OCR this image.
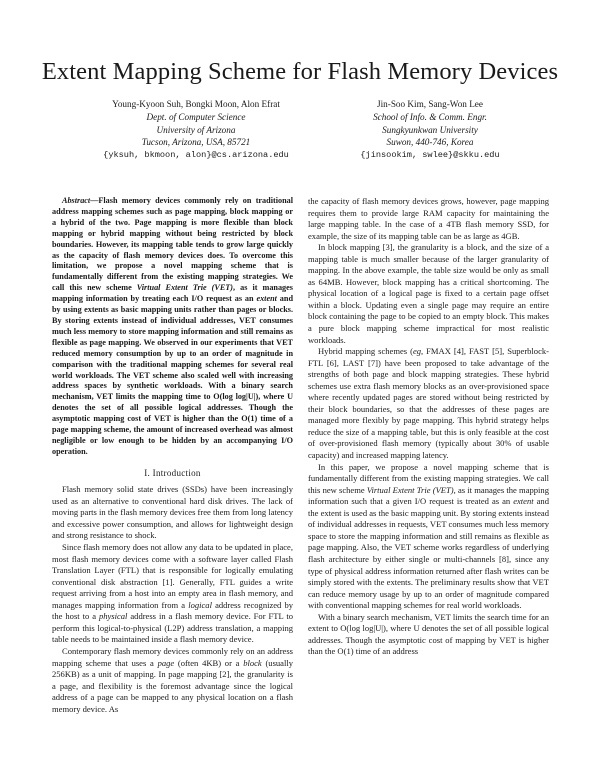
Extent Mapping Scheme for Flash Memory Devices
Young-Kyoon Suh, Bongki Moon, Alon Efrat
Dept. of Computer Science
University of Arizona
Tucson, Arizona, USA, 85721
{yksuh, bkmoon, alon}@cs.arizona.edu
Jin-Soo Kim, Sang-Won Lee
School of Info. & Comm. Engr.
Sungkyunkwan University
Suwon, 440-746, Korea
{jinsookim, swlee}@skku.edu

Abstract—Flash memory devices commonly rely on traditional address mapping schemes such as page mapping, block mapping or a hybrid of the two. Page mapping is more flexible than block mapping or hybrid mapping without being restricted by block boundaries. However, its mapping table tends to grow large quickly as the capacity of flash memory devices does. To overcome this limitation, we propose a novel mapping scheme that is fundamentally different from the existing mapping strategies. We call this new scheme Virtual Extent Trie (VET), as it manages mapping information by treating each I/O request as an extent and by using extents as basic mapping units rather than pages or blocks. By storing extents instead of individual addresses, VET consumes much less memory to store mapping information and still remains as flexible as page mapping. We observed in our experiments that VET reduced memory consumption by up to an order of magnitude in comparison with the traditional mapping schemes for several real world workloads. The VET scheme also scaled well with increasing address spaces by synthetic workloads. With a binary search mechanism, VET limits the mapping time to O(log log|U|), where U denotes the set of all possible logical addresses. Though the asymptotic mapping cost of VET is higher than the O(1) time of a page mapping scheme, the amount of increased overhead was almost negligible or low enough to be hidden by an accompanying I/O operation.

I. Introduction

Flash memory solid state drives (SSDs) have been increasingly used as an alternative to conventional hard disk drives. The lack of moving parts in the flash memory devices free them from long latency and excessive power consumption, and allows for lightweight design and strong resistance to shock.

Since flash memory does not allow any data to be updated in place, most flash memory devices come with a software layer called Flash Translation Layer (FTL) that is responsible for logically emulating conventional disk abstraction [1]. Generally, FTL guides a write request arriving from a host into an empty area in flash memory, and manages mapping information from a logical address recognized by the host to a physical address in a flash memory device. For FTL to perform this logical-to-physical (L2P) address translation, a mapping table needs to be maintained inside a flash memory device.

Contemporary flash memory devices commonly rely on an address mapping scheme that uses a page (often 4KB) or a block (usually 256KB) as a unit of mapping. In page mapping [2], the granularity is a page, and flexibility is the foremost advantage since the logical address of a page can be mapped to any physical location on a flash memory device. As

the capacity of flash memory devices grows, however, page mapping requires them to provide large RAM capacity for maintaining the large mapping table. In the case of a 4TB flash memory SSD, for example, the size of its mapping table can be as large as 4GB.

In block mapping [3], the granularity is a block, and the size of a mapping table is much smaller because of the larger granularity of mapping. In the above example, the table size would be only as small as 64MB. However, block mapping has a critical shortcoming. The physical location of a logical page is fixed to a certain page offset within a block. Updating even a single page may require an entire block containing the page to be copied to an empty block. This makes a pure block mapping scheme impractical for most realistic workloads.

Hybrid mapping schemes (eg, FMAX [4], FAST [5], Superblock-FTL [6], LAST [7]) have been proposed to take advantage of the strengths of both page and block mapping strategies. These hybrid schemes use extra flash memory blocks as an over-provisioned space where recently updated pages are stored without being restricted by their block boundaries, so that the addresses of these pages are managed more flexibly by page mapping. This hybrid strategy helps reduce the size of a mapping table, but this is only feasible at the cost of over-provisioned flash memory (typically about 30% of usable capacity) and increased mapping latency.

In this paper, we propose a novel mapping scheme that is fundamentally different from the existing mapping strategies. We call this new scheme Virtual Extent Trie (VET), as it manages the mapping information such that a given I/O request is treated as an extent and the extent is used as the basic mapping unit. By storing extents instead of individual addresses in requests, VET consumes much less memory space to store the mapping information and still remains as flexible as page mapping. Also, the VET scheme works regardless of underlying flash architecture by either single or multi-channels [8], since any type of physical address information returned after flash writes can be simply stored with the extents. The preliminary results show that VET can reduce memory usage by up to an order of magnitude compared with conventional mapping schemes for real world workloads.

With a binary search mechanism, VET limits the search time for an extent to O(log log|U|), where U denotes the set of all possible logical addresses. Though the asymptotic cost of mapping by VET is higher than the O(1) time of an address
